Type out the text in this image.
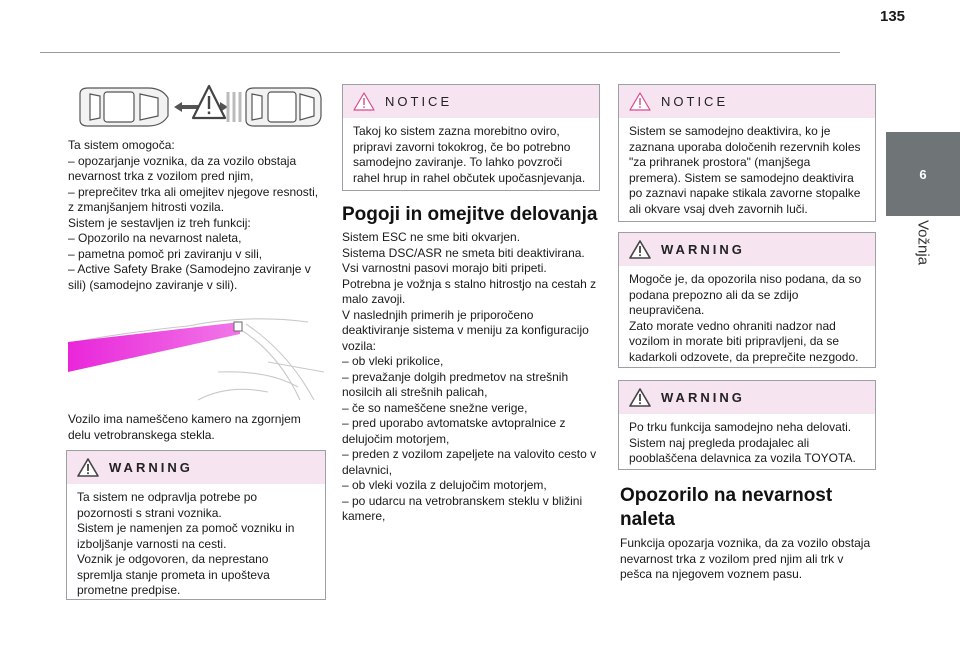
135
6
Vožnja

Ta sistem omogoča:

– opozarjanje voznika, da za vozilo obstaja nevarnost trka z vozilom pred njim,

– preprečitev trka ali omejitev njegove resnosti, z zmanjšanjem hitrosti vozila.

Sistem je sestavljen iz treh funkcij:

– Opozorilo na nevarnost naleta,

– pametna pomoč pri zaviranju v sili,

– Active Safety Brake (Samodejno zaviranje v sili) (samodejno zaviranje v sili).

Vozilo ima nameščeno kamero na zgornjem delu vetrobranskega stekla.

WARNING

Ta sistem ne odpravlja potrebe po pozornosti s strani voznika.

Sistem je namenjen za pomoč vozniku in izboljšanje varnosti na cesti.

Voznik je odgovoren, da neprestano spremlja stanje prometa in upošteva prometne predpise.

NOTICE

Takoj ko sistem zazna morebitno oviro, pripravi zavorni tokokrog, če bo potrebno samodejno zaviranje. To lahko povzroči rahel hrup in rahel občutek upočasnjevanja.

Pogoji in omejitve delovanja

Sistem ESC ne sme biti okvarjen.

Sistema DSC/ASR ne smeta biti deaktivirana.

Vsi varnostni pasovi morajo biti pripeti.

Potrebna je vožnja s stalno hitrostjo na cestah z malo zavoji.

V naslednjih primerih je priporočeno deaktiviranje sistema v meniju za konfiguracijo vozila:

– ob vleki prikolice,

– prevažanje dolgih predmetov na strešnih nosilcih ali strešnih palicah,

– če so nameščene snežne verige,

– pred uporabo avtomatske avtopralnice z delujočim motorjem,

– preden z vozilom zapeljete na valovito cesto v delavnici,

– ob vleki vozila z delujočim motorjem,

– po udarcu na vetrobranskem steklu v bližini kamere,

NOTICE

Sistem se samodejno deaktivira, ko je zaznana uporaba določenih rezervnih koles "za prihranek prostora" (manjšega premera). Sistem se samodejno deaktivira po zaznavi napake stikala zavorne stopalke ali okvare vsaj dveh zavornih luči.

WARNING

Mogoče je, da opozorila niso podana, da so podana prepozno ali da se zdijo neupravičena.

Zato morate vedno ohraniti nadzor nad vozilom in morate biti pripravljeni, da se kadarkoli odzovete, da preprečite nezgodo.

WARNING

Po trku funkcija samodejno neha delovati. Sistem naj pregleda prodajalec ali pooblaščena delavnica za vozila TOYOTA.

Opozorilo na nevarnost naleta

Funkcija opozarja voznika, da za vozilo obstaja nevarnost trka z vozilom pred njim ali trk v pešca na njegovem voznem pasu.
